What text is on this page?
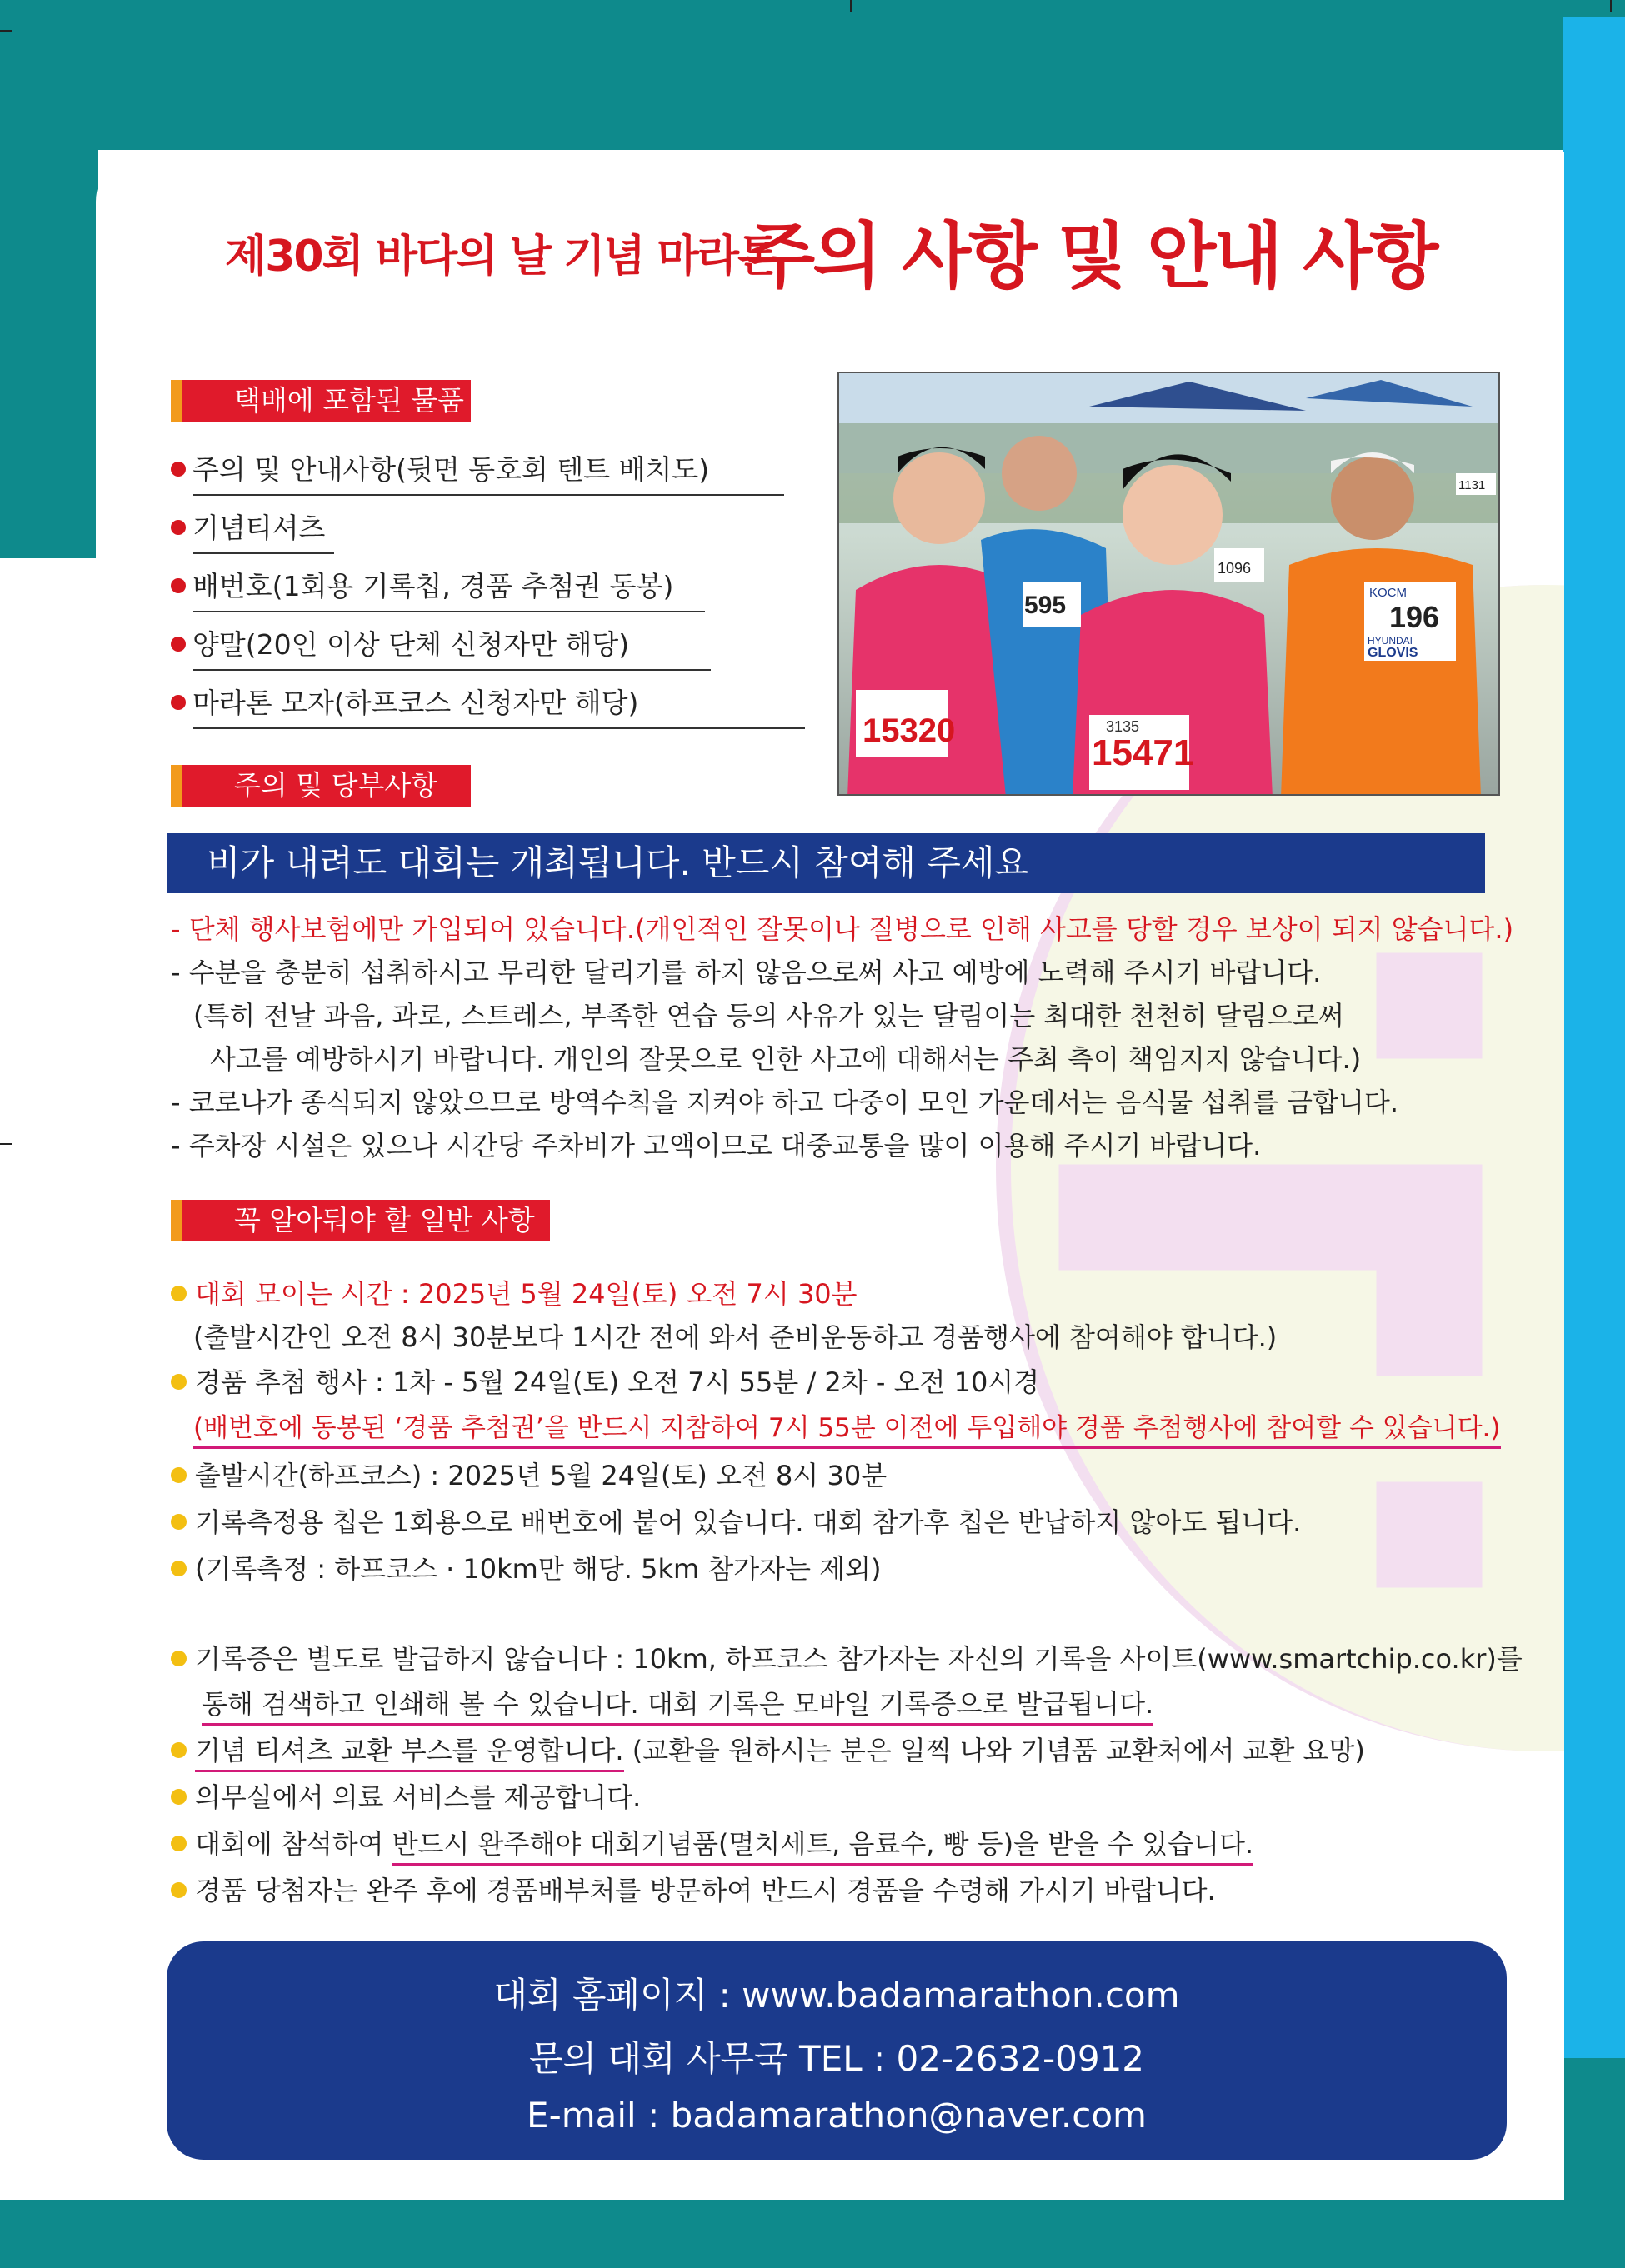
제30회 바다의 날 기념 마라톤
주의 사항 및 안내 사항
택배에 포함된 물품
주의 및 안내사항(뒷면 동호회 텐트 배치도)
기념티셔츠
배번호(1회용 기록칩, 경품 추첨권 동봉)
양말(20인 이상 단체 신청자만 해당)
마라톤 모자(하프코스 신청자만 해당)
15320
15471
3135
1096
595	KOCM
196
HYUNDAI
GLOVIS
1131
주의 및 당부사항
비가 내려도 대회는 개최됩니다. 반드시 참여해 주세요
- 단체 행사보험에만 가입되어 있습니다.(개인적인 잘못이나 질병으로 인해 사고를 당할 경우 보상이 되지 않습니다.)
- 수분을 충분히 섭취하시고 무리한 달리기를 하지 않음으로써 사고 예방에 노력해 주시기 바랍니다.
(특히 전날 과음, 과로, 스트레스, 부족한 연습 등의 사유가 있는 달림이는 최대한 천천히 달림으로써
사고를 예방하시기 바랍니다. 개인의 잘못으로 인한 사고에 대해서는 주최 측이 책임지지 않습니다.)
- 코로나가 종식되지 않았으므로 방역수칙을 지켜야 하고 다중이 모인 가운데서는 음식물 섭취를 금합니다.
- 주차장 시설은 있으나 시간당 주차비가 고액이므로 대중교통을 많이 이용해 주시기 바랍니다.
꼭 알아둬야 할 일반 사항
대회 모이는 시간 : 2025년 5월 24일(토) 오전 7시 30분
(출발시간인 오전 8시 30분보다 1시간 전에 와서 준비운동하고 경품행사에 참여해야 합니다.)
경품 추첨 행사 : 1차 - 5월 24일(토) 오전 7시 55분 / 2차 - 오전 10시경
(배번호에 동봉된 ‘경품 추첨권’을 반드시 지참하여 7시 55분 이전에 투입해야 경품 추첨행사에 참여할 수 있습니다.)
출발시간(하프코스) : 2025년 5월 24일(토) 오전 8시 30분
기록측정용 칩은 1회용으로 배번호에 붙어 있습니다. 대회 참가후 칩은 반납하지 않아도 됩니다.
(기록측정 : 하프코스 · 10km만 해당. 5km 참가자는 제외)
기록증은 별도로 발급하지 않습니다 : 10km, 하프코스 참가자는 자신의 기록을 사이트(www.smartchip.co.kr)를
통해 검색하고 인쇄해 볼 수 있습니다. 대회 기록은 모바일 기록증으로 발급됩니다.
기념 티셔츠 교환 부스를 운영합니다. (교환을 원하시는 분은 일찍 나와 기념품 교환처에서 교환 요망)
의무실에서 의료 서비스를 제공합니다.
대회에 참석하여 반드시 완주해야 대회기념품(멸치세트, 음료수, 빵 등)을 받을 수 있습니다.
경품 당첨자는 완주 후에 경품배부처를 방문하여 반드시 경품을 수령해 가시기 바랍니다.
대회 홈페이지 : www.badamarathon.com
문의 대회 사무국 TEL : 02-2632-0912
E-mail : badamarathon@naver.com
